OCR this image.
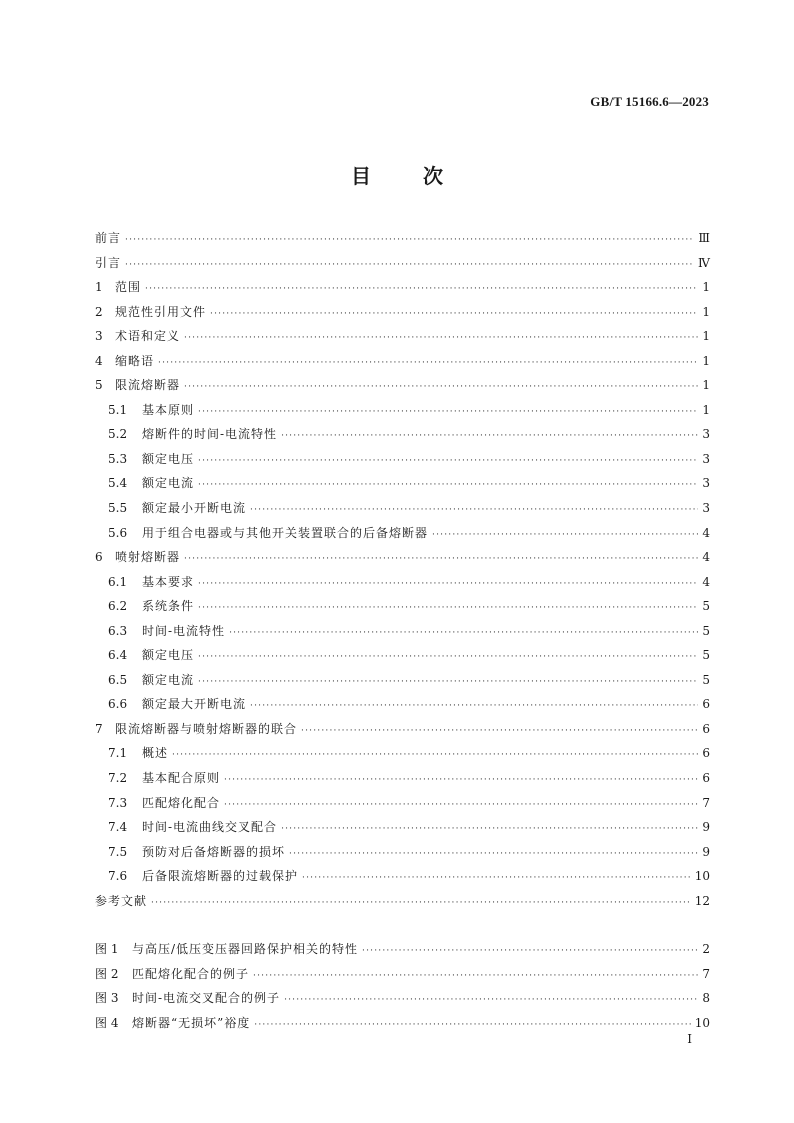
GB/T 15166.6—2023
目	次
前言 ·····	Ⅲ
引言 ·····	Ⅳ
1	范围 ·····	1
2	规范性引用文件 ·····	1
3	术语和定义 ·····	1
4	缩略语 ·····	1
5	限流熔断器 ·····	1
5.1	基本原则 ·····	1
5.2	熔断件的时间-电流特性 ·····	3
5.3	额定电压 ·····	3
5.4	额定电流 ·····	3
5.5	额定最小开断电流 ·····	3
5.6	用于组合电器或与其他开关装置联合的后备熔断器 ·····	4
6	喷射熔断器 ·····	4
6.1	基本要求 ·····	4
6.2	系统条件 ·····	5
6.3	时间-电流特性 ·····	5
6.4	额定电压 ·····	5
6.5	额定电流 ·····	5
6.6	额定最大开断电流 ·····	6
7	限流熔断器与喷射熔断器的联合 ·····	6
7.1	概述 ·····	6
7.2	基本配合原则 ·····	6
7.3	匹配熔化配合 ·····	7
7.4	时间-电流曲线交叉配合 ·····	9
7.5	预防对后备熔断器的损坏 ·····	9
7.6	后备限流熔断器的过载保护 ·····	10
参考文献 ·····	12
图 1	与高压/低压变压器回路保护相关的特性 ·····	2
图 2	匹配熔化配合的例子 ·····	7
图 3	时间-电流交叉配合的例子 ·····	8
图 4	熔断器“无损坏”裕度 ·····	10
I
